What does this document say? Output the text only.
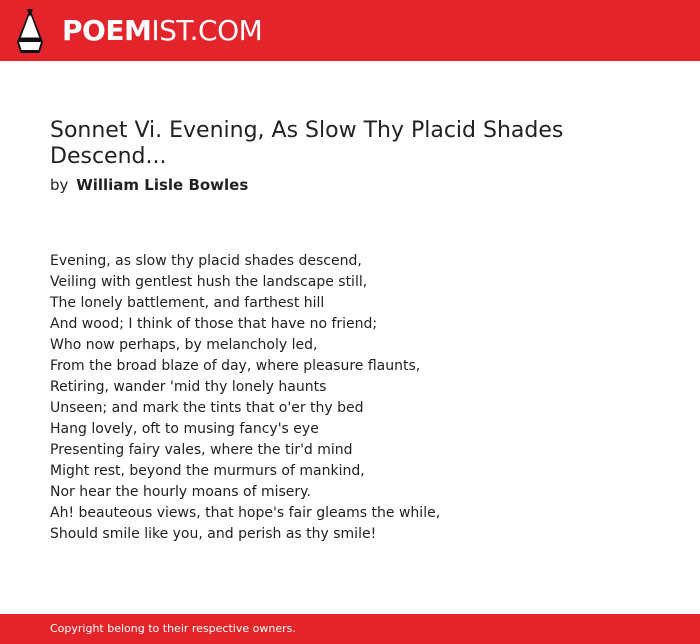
POEMIST.COM
Sonnet Vi. Evening, As Slow Thy Placid Shades Descend...
by William Lisle Bowles
Evening, as slow thy placid shades descend,
Veiling with gentlest hush the landscape still,
The lonely battlement, and farthest hill
And wood; I think of those that have no friend;
Who now perhaps, by melancholy led,
From the broad blaze of day, where pleasure flaunts,
Retiring, wander 'mid thy lonely haunts
Unseen; and mark the tints that o'er thy bed
Hang lovely, oft to musing fancy's eye
Presenting fairy vales, where the tir'd mind
Might rest, beyond the murmurs of mankind,
Nor hear the hourly moans of misery.
Ah! beauteous views, that hope's fair gleams the while,
Should smile like you, and perish as thy smile!
Copyright belong to their respective owners.
